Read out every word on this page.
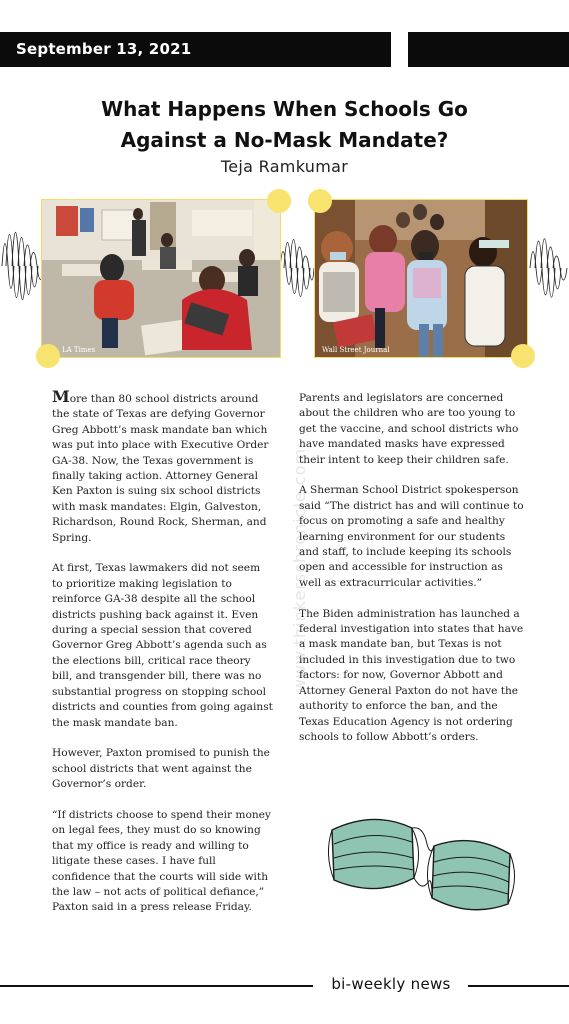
September 13, 2021
What Happens When Schools Go
Against a No-Mask Mandate?
Teja Ramkumar
LA Times	Wall Street Journal
www.thinkerschronicle.com

More than 80 school districts around the state of Texas are defying Governor Greg Abbott’s mask mandate ban which was put into place with Executive Order GA-38. Now, the Texas government is finally taking action. Attorney General Ken Paxton is suing six school districts with mask mandates: Elgin, Galveston, Richardson, Round Rock, Sherman, and Spring.

At first, Texas lawmakers did not seem to prioritize making legislation to reinforce GA-38 despite all the school districts pushing back against it. Even during a special session that covered Governor Greg Abbott’s agenda such as the elections bill, critical race theory bill, and transgender bill, there was no substantial progress on stopping school districts and counties from going against the mask mandate ban.

However, Paxton promised to punish the school districts that went against the Governor’s order.

“If districts choose to spend their money on legal fees, they must do so knowing that my office is ready and willing to litigate these cases. I have full confidence that the courts will side with the law – not acts of political defiance,” Paxton said in a press release Friday.

Parents and legislators are concerned about the children who are too young to get the vaccine, and school districts who have mandated masks have expressed their intent to keep their children safe.

A Sherman School District spokesperson said “The district has and will continue to focus on promoting a safe and healthy learning environment for our students and staff, to include keeping its schools open and accessible for instruction as well as extracurricular activities.”

The Biden administration has launched a federal investigation into states that have a mask mandate ban, but Texas is not included in this investigation due to two factors: for now, Governor Abbott and Attorney General Paxton do not have the authority to enforce the ban, and the Texas Education Agency is not ordering schools to follow Abbott’s orders.

bi-weekly news
